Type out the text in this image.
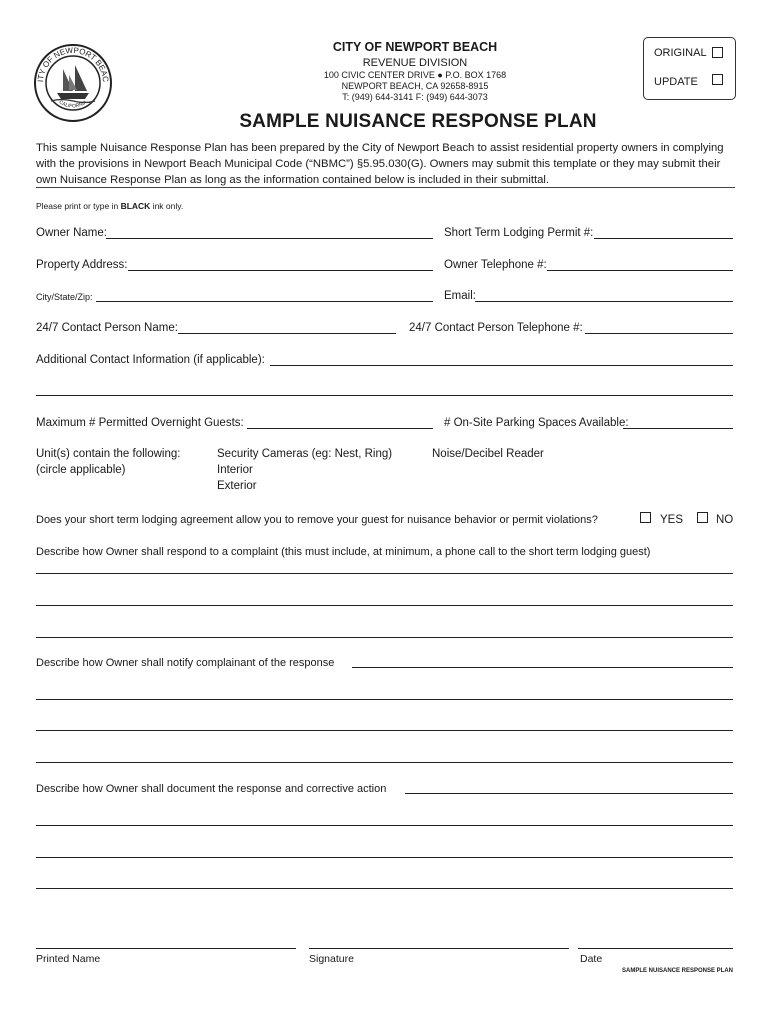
ITY OF NEWPORT BEAC
CALIFORNIA
CITY OF NEWPORT BEACH
REVENUE DIVISION
100 CIVIC CENTER DRIVE ● P.O. BOX 1768
NEWPORT BEACH, CA 92658-8915
T: (949) 644-3141 F: (949) 644-3073
ORIGINAL
UPDATE
SAMPLE NUISANCE RESPONSE PLAN
This sample Nuisance Response Plan has been prepared by the City of Newport Beach to assist residential property owners in complying with the provisions in Newport Beach Municipal Code (“NBMC”) §5.95.030(G). Owners may submit this template or they may submit their own Nuisance Response Plan as long as the information contained below is included in their submittal.
Please print or type in BLACK ink only.
Owner Name:	Short Term Lodging Permit #:
Property Address:	Owner Telephone #:
City/State/Zip:	Email:
24/7 Contact Person Name:	24/7 Contact Person Telephone #:
Additional Contact Information (if applicable):
Maximum # Permitted Overnight Guests:	# On-Site Parking Spaces Available:
Unit(s) contain the following:
(circle applicable)
Security Cameras (eg: Nest, Ring)
Interior
Exterior
Noise/Decibel Reader
Does your short term lodging agreement allow you to remove your guest for nuisance behavior or permit violations?	YES	NO
Describe how Owner shall respond to a complaint (this must include, at minimum, a phone call to the short term lodging guest)
Describe how Owner shall notify complainant of the response
Describe how Owner shall document the response and corrective action
Printed Name	Signature	Date
SAMPLE NUISANCE RESPONSE PLAN
